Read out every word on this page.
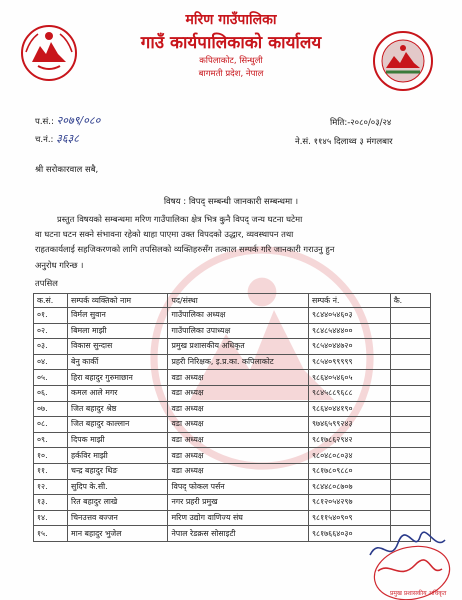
मरिण गाउँपालिका
गाउँ कार्यपालिकाको कार्यालय
कपिलाकोट, सिन्धुली
बागमती प्रदेश, नेपाल
प.सं.: २०७९/०८०
च.नं.: ३६३८
मिति:-२०८०/०३/२४
ने.सं. ११४५ दिलाथ्व ३ मंगलबार
श्री सरोकारवाल सबै,
विषय : विपद् सम्बन्धी जानकारी सम्बन्धमा ।
प्रस्तुत विषयको सम्बन्धमा मरिण गाउँपालिका क्षेत्र भित्र कुनै विपद् जन्य घटना घटेमा
वा घटना घटन सक्ने संभावना रहेको थाहा पाएमा उक्त विपदको उद्धार, व्यवस्थापन तथा
राहतकार्यलाई सहजिकरणको लागि तपसिलको व्यक्तिहरुसँग तत्काल सम्पर्क गरि जानकारी गराउनु हुन
अनुरोध गरिन्छ ।
तपसिल
क.सं.	सम्पर्क व्यक्तिको नाम	पद/संस्था	सम्पर्क नं.	कै.
०१.	विर्मल सुवान	गाउँपालिका अध्यक्ष	९८४४०५४६०३	
०२.	बिमला माझी	गाउँपालिका उपाध्यक्ष	९८४८५४४४००	
०३.	विकास सुन्दास	प्रमुख प्रशासकीय अधिकृत	९८५४०४४७२०	
०४.	बेनु कार्की	प्रहरी निरिक्षक, इ.प्र.का. कपिलाकोट	९८५४०९९९९९	
०५.	हिरा बहादुर गुरुमाछान	वडा अध्यक्ष	९८६४०५४६०५	
०६.	कमल आले मगर	वडा अध्यक्ष	९८४५८८९६८८	
०७.	जित बहादुर श्रेष्ठ	वडा अध्यक्ष	९८६४०४४१९०	
०८.	जित बहादुर काल्लान	वडा अध्यक्ष	९७४६५९९२४३	
०९.	दिपक माझी	वडा अध्यक्ष	९८१७८६२९४२	
१०.	हर्कविर माझी	वडा अध्यक्ष	९८०४८०८०३४	
११.	चन्द्र बहादुर थिङ	वडा अध्यक्ष	९८१७८०९८८०	
१२.	सुदिप के.सी.	विपद् फोकल पर्सन	९८४४८०८७०७	
१३.	रित बहादुर लाखे	नगर प्रहरी प्रमुख	९८१२०५४२९७	
१४.	चिनउत्तव बज्जन	मरिण उद्योग वाणिज्य संघ	९८११५४०९०९	
१५.	मान बहादुर भुजेल	नेपाल रेडक्रस सोसाइटी	९८१७६६४०३०	
प्रमुख प्रशासकीय अधिकृत
